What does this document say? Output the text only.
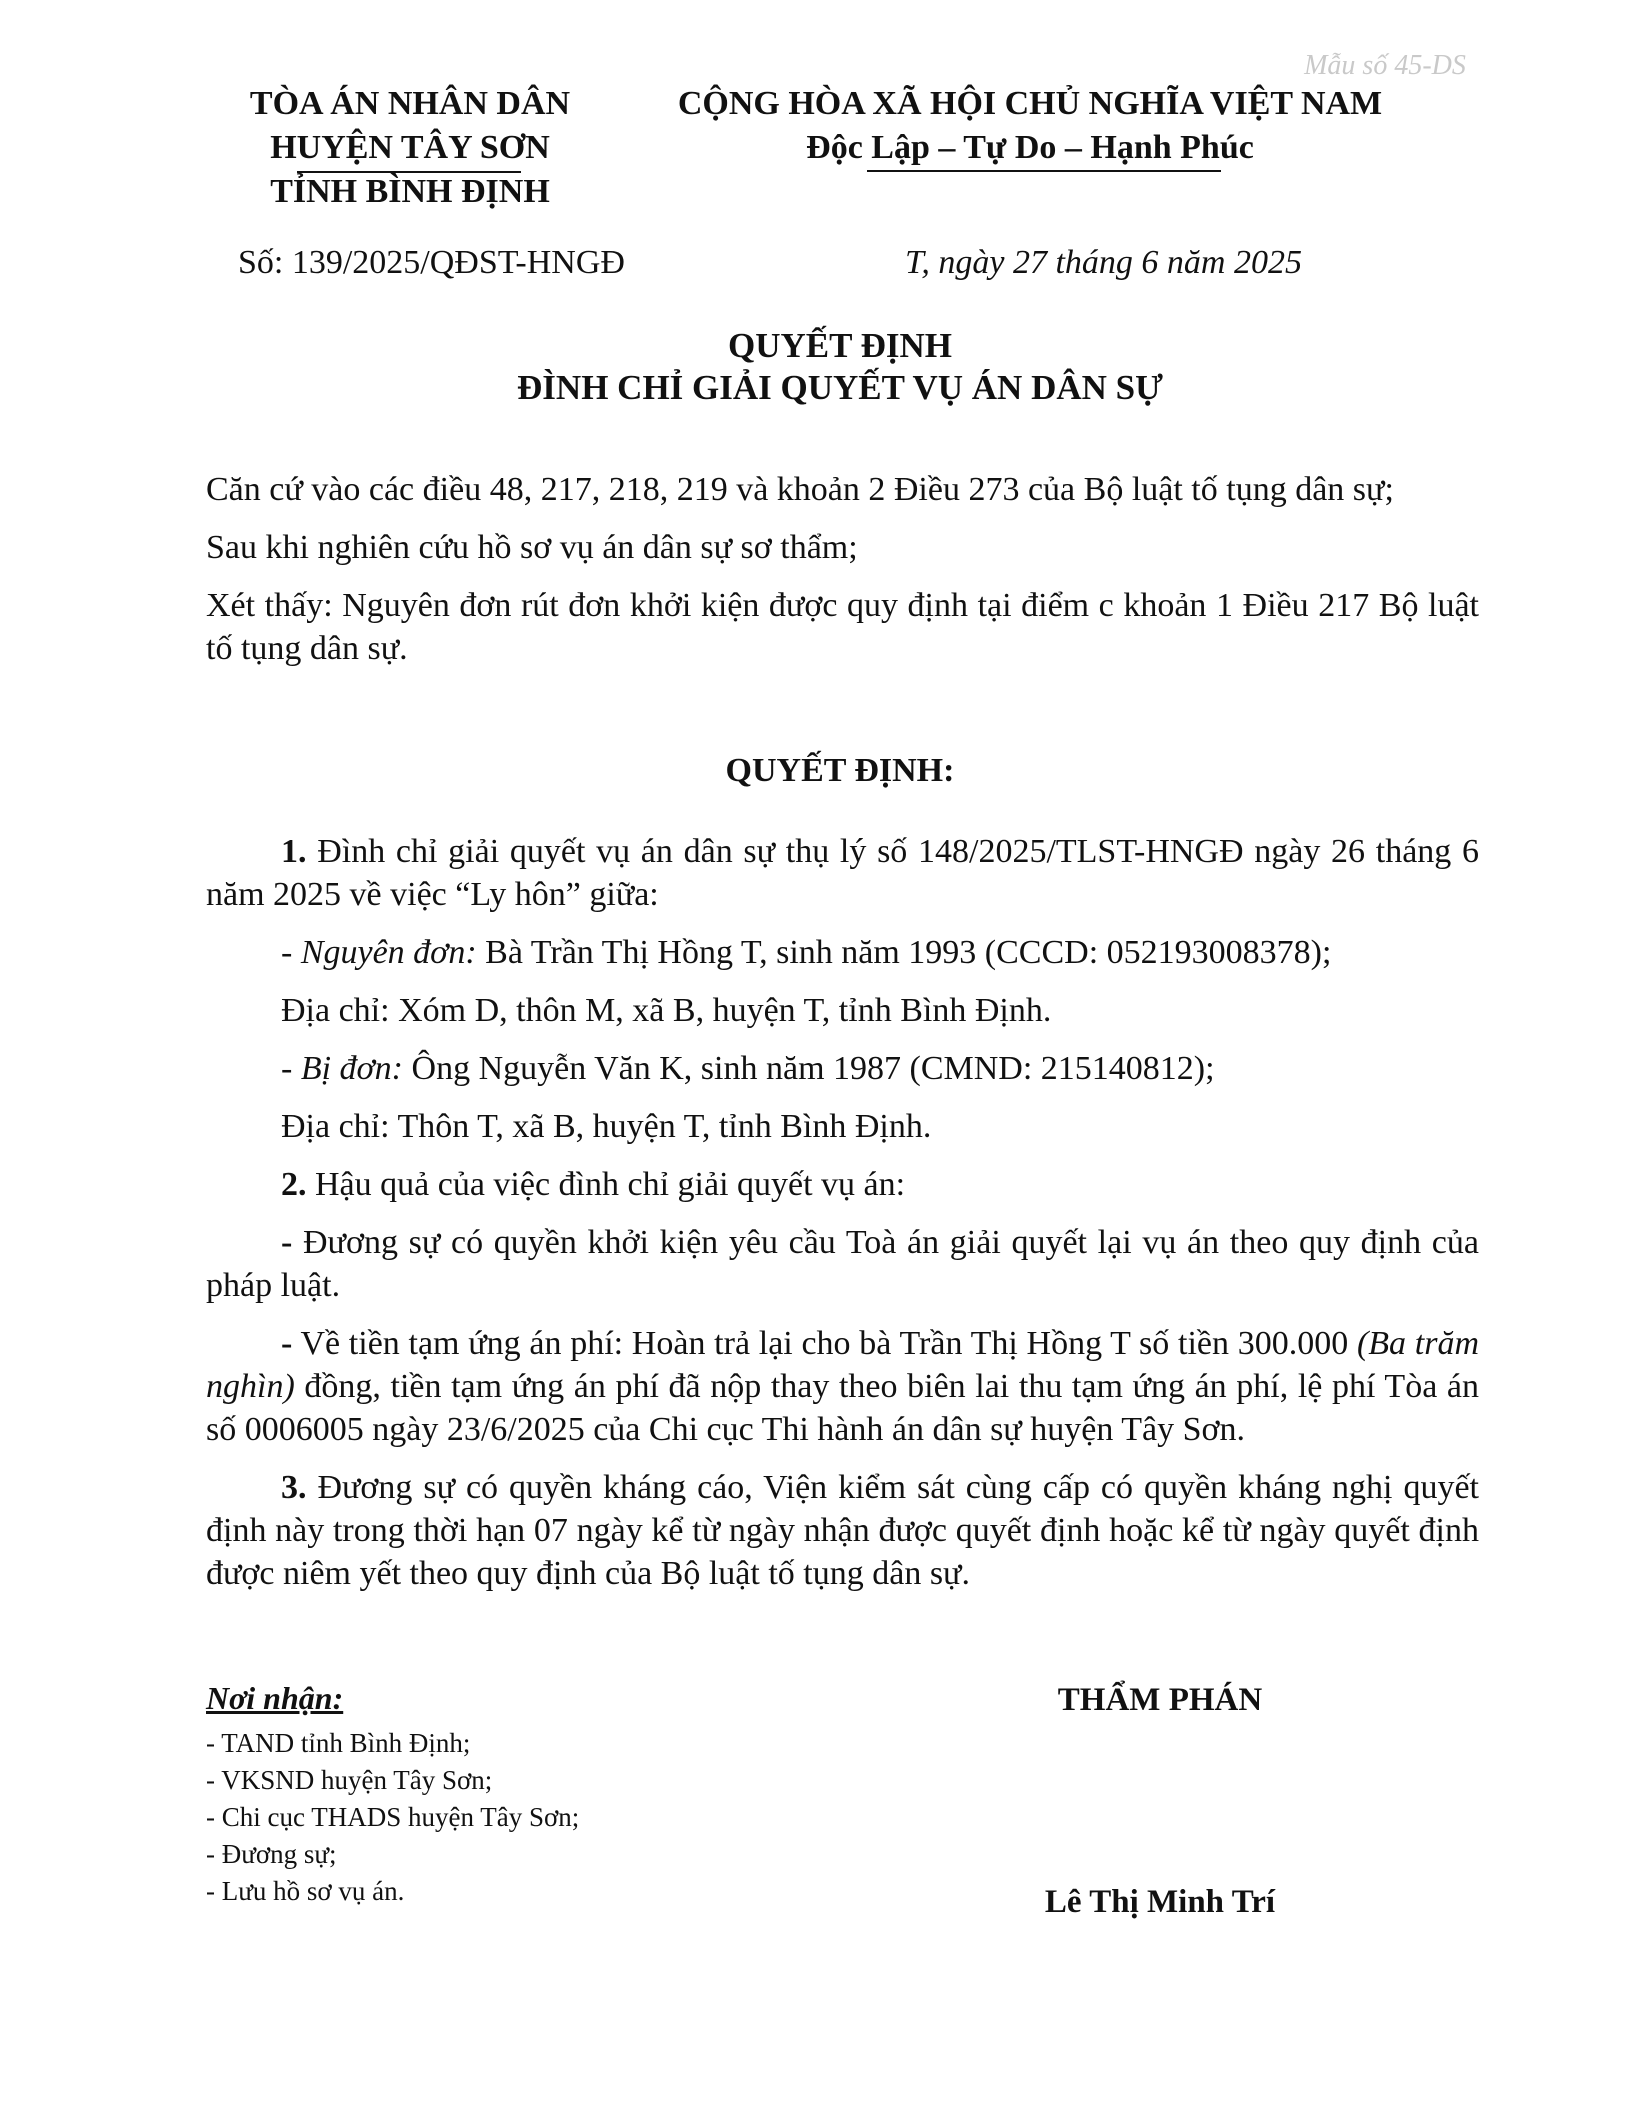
Mẫu số 45-DS
TÒA ÁN NHÂN DÂN
HUYỆN TÂY SƠN
TỈNH BÌNH ĐỊNH
CỘNG HÒA XÃ HỘI CHỦ NGHĨA VIỆT NAM
Độc Lập – Tự Do – Hạnh Phúc
Số: 139/2025/QĐST-HNGĐ	T, ngày 27 tháng 6 năm 2025
QUYẾT ĐỊNH
ĐÌNH CHỈ GIẢI QUYẾT VỤ ÁN DÂN SỰ

Căn cứ vào các điều 48, 217, 218, 219 và khoản 2 Điều 273 của Bộ luật tố tụng dân sự;

Sau khi nghiên cứu hồ sơ vụ án dân sự sơ thẩm;

Xét thấy: Nguyên đơn rút đơn khởi kiện được quy định tại điểm c khoản 1 Điều 217 Bộ luật tố tụng dân sự.

QUYẾT ĐỊNH:

1. Đình chỉ giải quyết vụ án dân sự thụ lý số 148/2025/TLST-HNGĐ ngày 26 tháng 6 năm 2025 về việc “Ly hôn” giữa:

- Nguyên đơn: Bà Trần Thị Hồng T, sinh năm 1993 (CCCD: 052193008378);

Địa chỉ: Xóm D, thôn M, xã B, huyện T, tỉnh Bình Định.

- Bị đơn: Ông Nguyễn Văn K, sinh năm 1987 (CMND: 215140812);

Địa chỉ: Thôn T, xã B, huyện T, tỉnh Bình Định.

2. Hậu quả của việc đình chỉ giải quyết vụ án:

- Đương sự có quyền khởi kiện yêu cầu Toà án giải quyết lại vụ án theo quy định của pháp luật.

- Về tiền tạm ứng án phí: Hoàn trả lại cho bà Trần Thị Hồng T số tiền 300.000 (Ba trăm nghìn) đồng, tiền tạm ứng án phí đã nộp thay theo biên lai thu tạm ứng án phí, lệ phí Tòa án số 0006005 ngày 23/6/2025 của Chi cục Thi hành án dân sự huyện Tây Sơn.

3. Đương sự có quyền kháng cáo, Viện kiểm sát cùng cấp có quyền kháng nghị quyết định này trong thời hạn 07 ngày kể từ ngày nhận được quyết định hoặc kể từ ngày quyết định được niêm yết theo quy định của Bộ luật tố tụng dân sự.

Nơi nhận:
- TAND tỉnh Bình Định;
- VKSND huyện Tây Sơn;
- Chi cục THADS huyện Tây Sơn;
- Đương sự;
- Lưu hồ sơ vụ án.
THẨM PHÁN
Lê Thị Minh Trí
